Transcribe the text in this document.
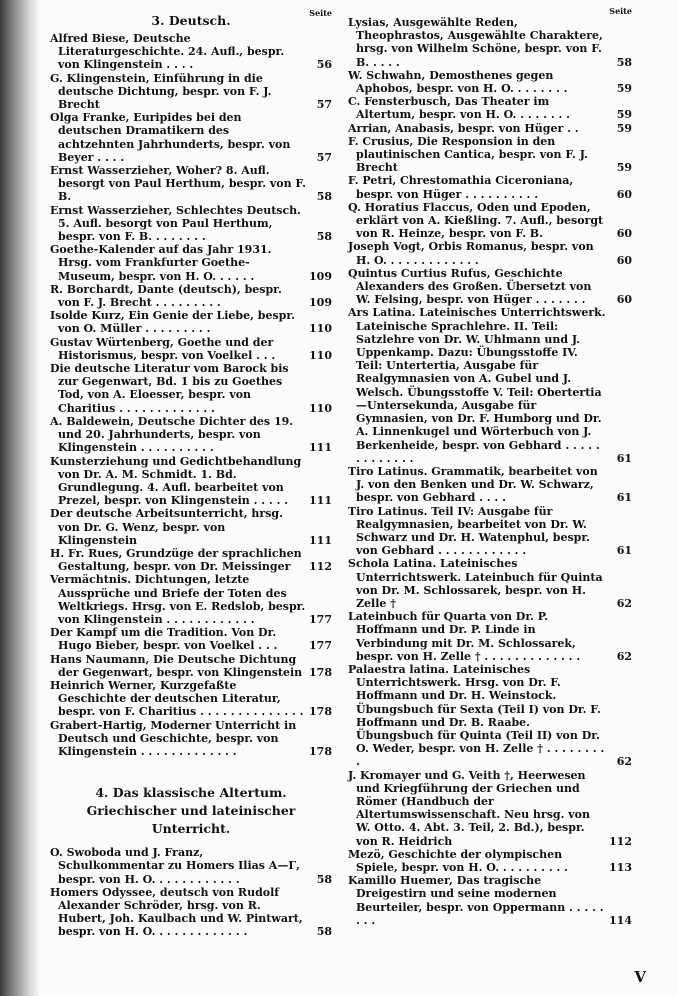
3. Deutsch.	Seite
Alfred Biese, Deutsche Literaturgeschichte. 24. Aufl., bespr. von Klingenstein . . . .	56
G. Klingenstein, Einführung in die deutsche Dichtung, bespr. von F. J. Brecht	57
Olga Franke, Euripides bei den deutschen Dramatikern des achtzehnten Jahrhunderts, bespr. von Beyer . . . .	57
Ernst Wasserzieher, Woher? 8. Aufl. besorgt von Paul Herthum, bespr. von F. B.	58
Ernst Wasserzieher, Schlechtes Deutsch. 5. Aufl. besorgt von Paul Herthum, bespr. von F. B. . . . . . . .	58
Goethe-Kalender auf das Jahr 1931. Hrsg. vom Frankfurter Goethe-Museum, bespr. von H. O. . . . . .	109
R. Borchardt, Dante (deutsch), bespr. von F. J. Brecht . . . . . . . . .	109
Isolde Kurz, Ein Genie der Liebe, bespr. von O. Müller . . . . . . . . .	110
Gustav Würtenberg, Goethe und der Historismus, bespr. von Voelkel . . .	110
Die deutsche Literatur vom Barock bis zur Gegenwart, Bd. 1 bis zu Goethes Tod, von A. Eloesser, bespr. von Charitius . . . . . . . . . . . . .	110
A. Baldewein, Deutsche Dichter des 19. und 20. Jahrhunderts, bespr. von Klingenstein . . . . . . . . . .	111
Kunsterziehung und Gedichtbehandlung von Dr. A. M. Schmidt. 1. Bd. Grundlegung. 4. Aufl. bearbeitet von Prezel, bespr. von Klingenstein . . . . .	111
Der deutsche Arbeitsunterricht, hrsg. von Dr. G. Wenz, bespr. von Klingenstein	111
H. Fr. Rues, Grundzüge der sprachlichen Gestaltung, bespr. von Dr. Meissinger	112
Vermächtnis. Dichtungen, letzte Aussprüche und Briefe der Toten des Weltkriegs. Hrsg. von E. Redslob, bespr. von Klingenstein . . . . . . . . . . . .	177
Der Kampf um die Tradition. Von Dr. Hugo Bieber, bespr. von Voelkel . . .	177
Hans Naumann, Die Deutsche Dichtung der Gegenwart, bespr. von Klingenstein 178
Heinrich Werner, Kurzgefaßte Geschichte der deutschen Literatur, bespr. von F. Charitius . . . . . . . . . . . . . . 178
Grabert-Hartig, Moderner Unterricht in Deutsch und Geschichte, bespr. von Klingenstein . . . . . . . . . . . . .	178
4. Das klassische Altertum. Griechischer und lateinischer Unterricht.
O. Swoboda und J. Franz, Schulkommentar zu Homers Ilias A—Γ, bespr. von H. O. . . . . . . . . . . .	58
Homers Odyssee, deutsch von Rudolf Alexander Schröder, hrsg. von R. Hubert, Joh. Kaulbach und W. Pintwart, bespr. von H. O. . . . . . . . . . . . .	58
Seite
Lysias, Ausgewählte Reden, Theophrastos, Ausgewählte Charaktere, hrsg. von Wilhelm Schöne, bespr. von F. B. . . . .	58
W. Schwahn, Demosthenes gegen Aphobos, bespr. von H. O. . . . . . . .	59
C. Fensterbusch, Das Theater im Altertum, bespr. von H. O. . . . . . . .	59
Arrian, Anabasis, bespr. von Hüger . .	59
F. Crusius, Die Responsion in den plautinischen Cantica, bespr. von F. J. Brecht	59
F. Petri, Chrestomathia Ciceroniana, bespr. von Hüger . . . . . . . . . .	60
Q. Horatius Flaccus, Oden und Epoden, erklärt von A. Kießling. 7. Aufl., besorgt von R. Heinze, bespr. von F. B.	60
Joseph Vogt, Orbis Romanus, bespr. von H. O. . . . . . . . . . . . .	60
Quintus Curtius Rufus, Geschichte Alexanders des Großen. Übersetzt von W. Felsing, bespr. von Hüger . . . . . . .	60
Ars Latina. Lateinisches Unterrichtswerk. Lateinische Sprachlehre. II. Teil: Satzlehre von Dr. W. Uhlmann und J. Uppenkamp. Dazu: Übungsstoffe IV. Teil: Untertertia, Ausgabe für Realgymnasien von A. Gubel und J. Welsch. Übungsstoffe V. Teil: Obertertia—Untersekunda, Ausgabe für Gymnasien, von Dr. F. Humborg und Dr. A. Linnenkugel und Wörterbuch von J. Berkenheide, bespr. von Gebhard . . . . . . . . . . . . .	61
Tiro Latinus. Grammatik, bearbeitet von J. von den Benken und Dr. W. Schwarz, bespr. von Gebhard . . . .	61
Tiro Latinus. Teil IV: Ausgabe für Realgymnasien, bearbeitet von Dr. W. Schwarz und Dr. H. Watenphul, bespr. von Gebhard . . . . . . . . . . . .	61
Schola Latina. Lateinisches Unterrichtswerk. Lateinbuch für Quinta von Dr. M. Schlossarek, bespr. von H. Zelle †	62
Lateinbuch für Quarta von Dr. P. Hoffmann und Dr. P. Linde in Verbindung mit Dr. M. Schlossarek, bespr. von H. Zelle † . . . . . . . . . . . . .	62
Palaestra latina. Lateinisches Unterrichtswerk. Hrsg. von Dr. F. Hoffmann und Dr. H. Weinstock. Übungsbuch für Sexta (Teil I) von Dr. F. Hoffmann und Dr. B. Raabe. Übungsbuch für Quinta (Teil II) von Dr. O. Weder, bespr. von H. Zelle † . . . . . . . . .	62
J. Kromayer und G. Veith †, Heerwesen und Kriegführung der Griechen und Römer (Handbuch der Altertumswissenschaft. Neu hrsg. von W. Otto. 4. Abt. 3. Teil, 2. Bd.), bespr. von R. Heidrich	112
Mezö, Geschichte der olympischen Spiele, bespr. von H. O. . . . . . . . . .	113
Kamillo Huemer, Das tragische Dreigestirn und seine modernen Beurteiler, bespr. von Oppermann . . . . . . . .	114
V
